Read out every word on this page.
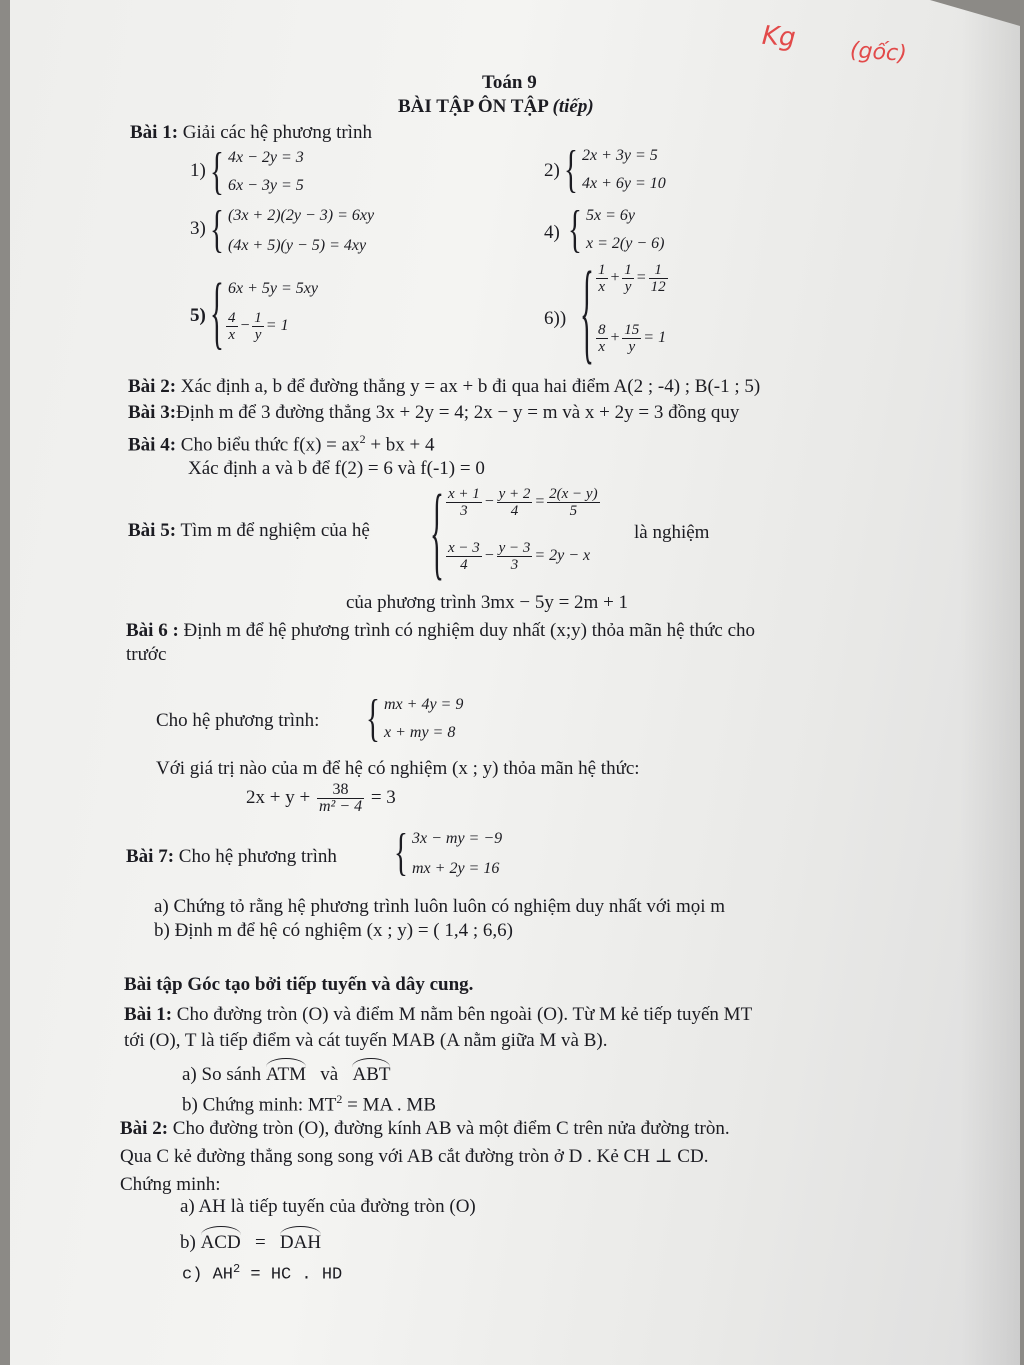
Kg (gốc)
Toán 9
BÀI TẬP ÔN TẬP (tiếp)
Bài 1: Giải các hệ phương trình
1) { 4x − 2y = 3
6x − 3y = 5
2) { 2x + 3y = 5
4x + 6y = 10
3) { (3x + 2)(2y − 3) = 6xy
(4x + 5)(y − 5) = 4xy
4) { 5x = 6y
x = 2(y − 6)
5) { 6x + 5y = 5xy
$\frac{4}{x} - \frac{1}{y} = 1$	6)) { $\frac{1}{x} + \frac{1}{y} = \frac{1}{12}$
$\frac{8}{x} + \frac{15}{y} = 1$
Bài 2: Xác định a, b để đường thẳng y = ax + b đi qua hai điểm A(2 ; -4) ; B(-1 ; 5)
Bài 3:Định m để 3 đường thẳng 3x + 2y = 4; 2x − y = m và x + 2y = 3 đồng quy
Bài 4: Cho biểu thức $f(x) = ax^2$ + bx + 4
Xác định a và b để f(2) = 6 và f(-1) = 0
Bài 5: Tìm m để nghiệm của hệ { $\frac{x + 1}{3} - \frac{y + 2}{4} = \frac{2(x - y)}{5}$
$\frac{x - 3}{4} - \frac{y - 3}{3} = 2y - x$
là nghiệm
của phương trình 3mx − 5y = 2m + 1
Bài 6 : Định m để hệ phương trình có nghiệm duy nhất (x;y) thỏa mãn hệ thức cho
trước
Cho hệ phương trình: { mx + 4y = 9
x + my = 8
Với giá trị nào của m để hệ có nghiệm (x ; y) thỏa mãn hệ thức:
$2x + y + \frac{38}{\text{m² − 4}} = 3$
Bài 7: Cho hệ phương trình { 3x − my = −9
mx + 2y = 16
a) Chứng tỏ rằng hệ phương trình luôn luôn có nghiệm duy nhất với mọi m
b) Định m để hệ có nghiệm (x ; y) = ( 1,4 ; 6,6)
Bài tập Góc tạo bởi tiếp tuyến và dây cung.
Bài 1: Cho đường tròn (O) và điểm M nằm bên ngoài (O). Từ M kẻ tiếp tuyến MT
tới (O), T là tiếp điểm và cát tuyến MAB (A nằm giữa M và B).
a) So sánh ATM và ABT
b) Chứng minh: $MT^2$ = MA . MB
Bài 2: Cho đường tròn (O), đường kính AB và một điểm C trên nửa đường tròn.
Qua C kẻ đường thẳng song song với AB cắt đường tròn ở D . Kẻ CH ⊥ CD.
Chứng minh:
a) AH là tiếp tuyến của đường tròn (O)
b) ACD = DAH
c) $AH^2$ = HC . HD
